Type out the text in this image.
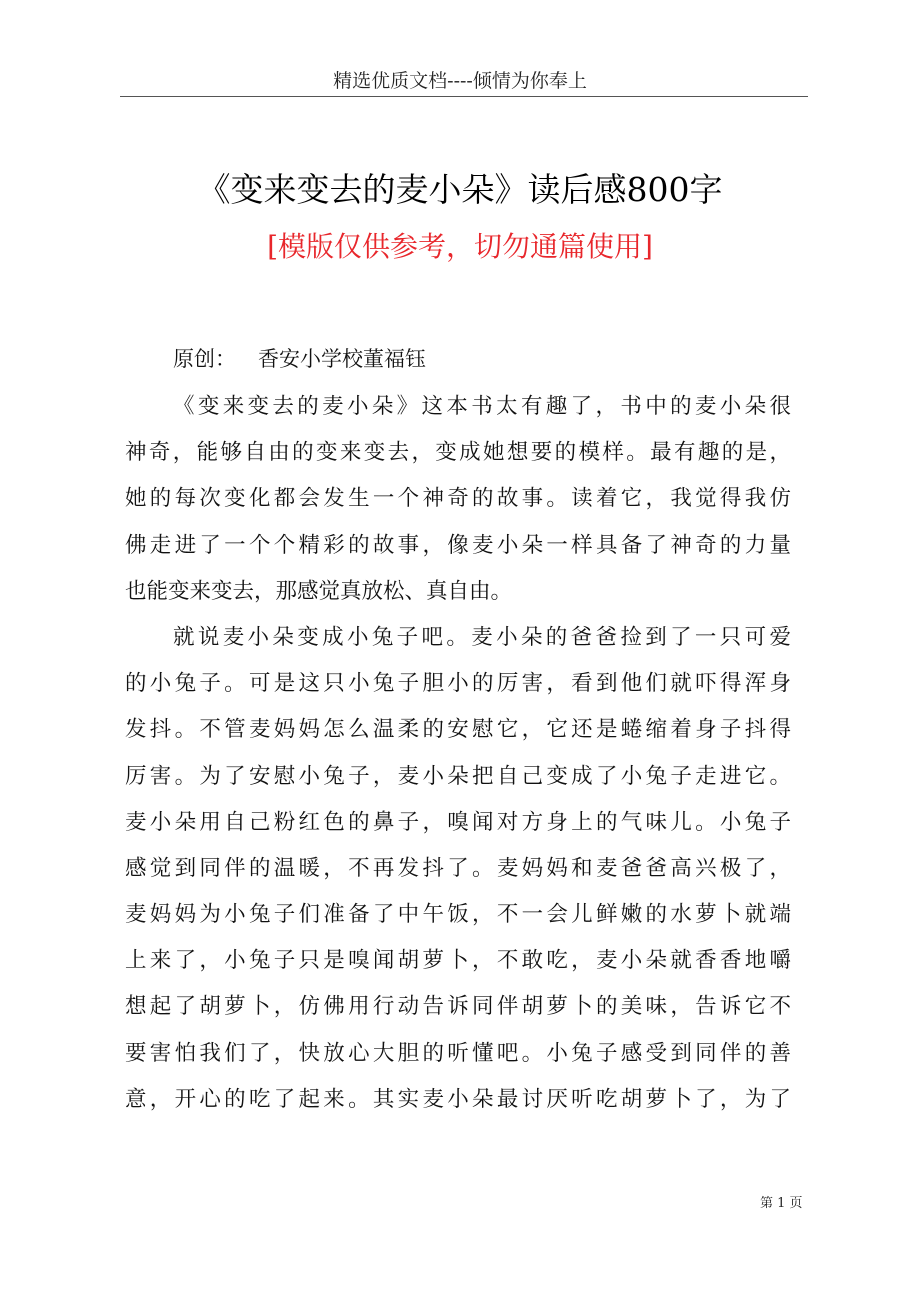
精选优质文档----倾情为你奉上
《变来变去的麦小朵》读后感800字
[模版仅供参考，切勿通篇使用]
原创： 香安小学校董福钰
《变来变去的麦小朵》这本书太有趣了，书中的麦小朵很
神奇，能够自由的变来变去，变成她想要的模样。最有趣的是，
她的每次变化都会发生一个神奇的故事。读着它，我觉得我仿
佛走进了一个个精彩的故事，像麦小朵一样具备了神奇的力量
也能变来变去，那感觉真放松、真自由。
就说麦小朵变成小兔子吧。麦小朵的爸爸捡到了一只可爱
的小兔子。可是这只小兔子胆小的厉害，看到他们就吓得浑身
发抖。不管麦妈妈怎么温柔的安慰它，它还是蜷缩着身子抖得
厉害。为了安慰小兔子，麦小朵把自己变成了小兔子走进它。
麦小朵用自己粉红色的鼻子，嗅闻对方身上的气味儿。小兔子
感觉到同伴的温暖，不再发抖了。麦妈妈和麦爸爸高兴极了，
麦妈妈为小兔子们准备了中午饭，不一会儿鲜嫩的水萝卜就端
上来了，小兔子只是嗅闻胡萝卜，不敢吃，麦小朵就香香地嚼
想起了胡萝卜，仿佛用行动告诉同伴胡萝卜的美味，告诉它不
要害怕我们了，快放心大胆的听懂吧。小兔子感受到同伴的善
意，开心的吃了起来。其实麦小朵最讨厌听吃胡萝卜了，为了
第 1 页
